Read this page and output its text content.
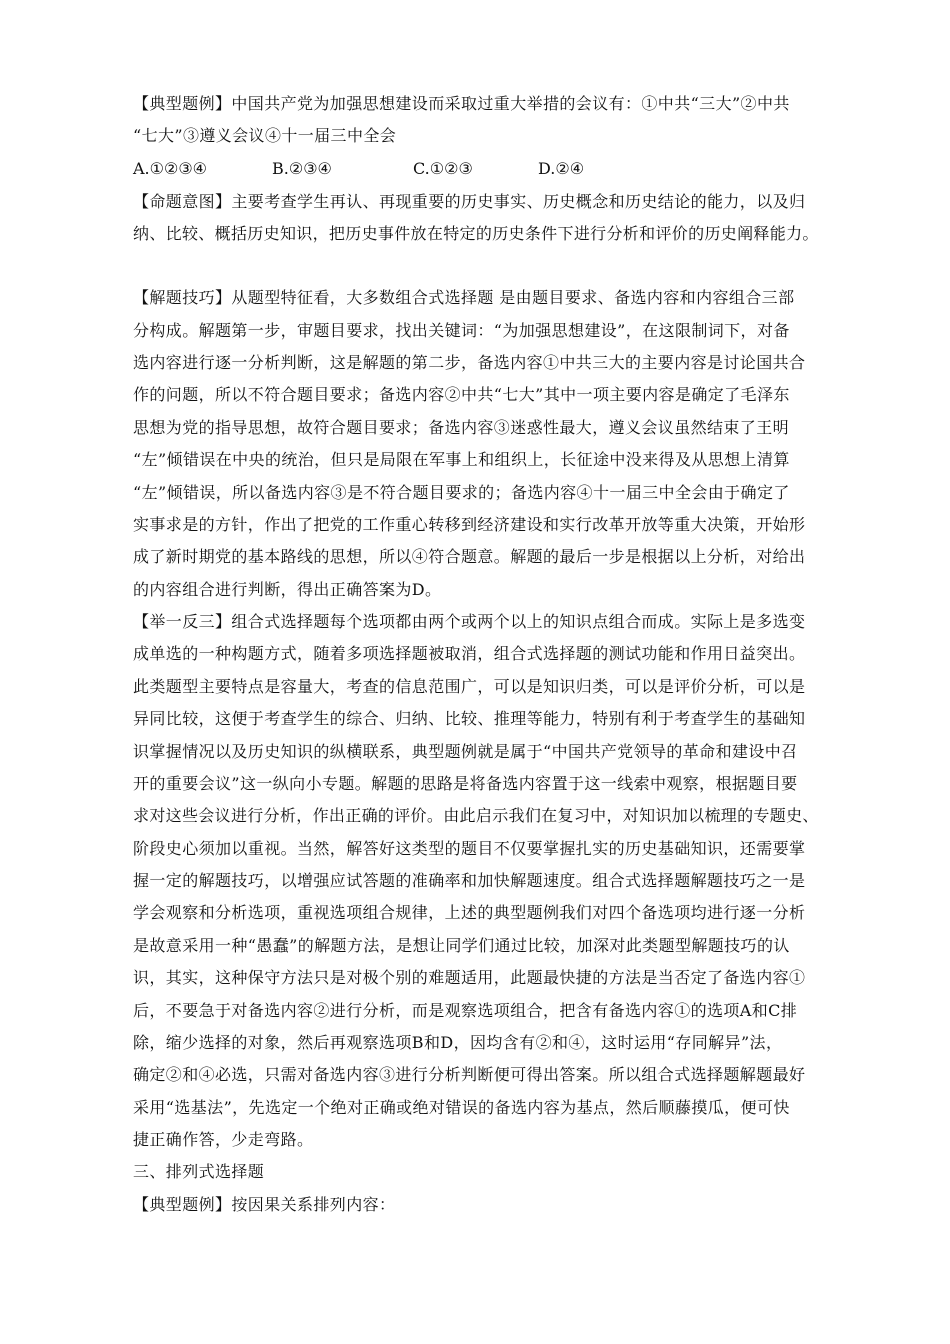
【典型题例】中国共产党为加强思想建设而采取过重大举措的会议有：①中共“三大”②中共
“七大”③遵义会议④十一届三中全会
A.①②③④	B.②③④	C.①②③	D.②④
【命题意图】主要考查学生再认、再现重要的历史事实、历史概念和历史结论的能力，以及归
纳、比较、概括历史知识，把历史事件放在特定的历史条件下进行分析和评价的历史阐释能力。
【解题技巧】从题型特征看，大多数组合式选择题 是由题目要求、备选内容和内容组合三部
分构成。解题第一步，审题目要求，找出关键词：“为加强思想建设”，在这限制词下，对备
选内容进行逐一分析判断，这是解题的第二步，备选内容①中共三大的主要内容是讨论国共合
作的问题，所以不符合题目要求；备选内容②中共“七大”其中一项主要内容是确定了毛泽东
思想为党的指导思想，故符合题目要求；备选内容③迷惑性最大，遵义会议虽然结束了王明
“左”倾错误在中央的统治，但只是局限在军事上和组织上，长征途中没来得及从思想上清算
“左”倾错误，所以备选内容③是不符合题目要求的；备选内容④十一届三中全会由于确定了
实事求是的方针，作出了把党的工作重心转移到经济建设和实行改革开放等重大决策，开始形
成了新时期党的基本路线的思想，所以④符合题意。解题的最后一步是根据以上分析，对给出
的内容组合进行判断，得出正确答案为D。
【举一反三】组合式选择题每个选项都由两个或两个以上的知识点组合而成。实际上是多选变
成单选的一种构题方式，随着多项选择题被取消，组合式选择题的测试功能和作用日益突出。
此类题型主要特点是容量大，考查的信息范围广，可以是知识归类，可以是评价分析，可以是
异同比较，这便于考查学生的综合、归纳、比较、推理等能力，特别有利于考查学生的基础知
识掌握情况以及历史知识的纵横联系，典型题例就是属于“中国共产党领导的革命和建设中召
开的重要会议”这一纵向小专题。解题的思路是将备选内容置于这一线索中观察，根据题目要
求对这些会议进行分析，作出正确的评价。由此启示我们在复习中，对知识加以梳理的专题史、
阶段史心须加以重视。当然，解答好这类型的题目不仅要掌握扎实的历史基础知识，还需要掌
握一定的解题技巧，以增强应试答题的准确率和加快解题速度。组合式选择题解题技巧之一是
学会观察和分析选项，重视选项组合规律，上述的典型题例我们对四个备选项均进行逐一分析
是故意采用一种“愚蠢”的解题方法，是想让同学们通过比较，加深对此类题型解题技巧的认
识，其实，这种保守方法只是对极个别的难题适用，此题最快捷的方法是当否定了备选内容①
后，不要急于对备选内容②进行分析，而是观察选项组合，把含有备选内容①的选项A和C排
除，缩少选择的对象，然后再观察选项B和D，因均含有②和④，这时运用“存同解异”法，
确定②和④必选，只需对备选内容③进行分析判断便可得出答案。所以组合式选择题解题最好
采用“选基法”，先选定一个绝对正确或绝对错误的备选内容为基点，然后顺藤摸瓜，便可快
捷正确作答，少走弯路。
三、排列式选择题
【典型题例】按因果关系排列内容：
